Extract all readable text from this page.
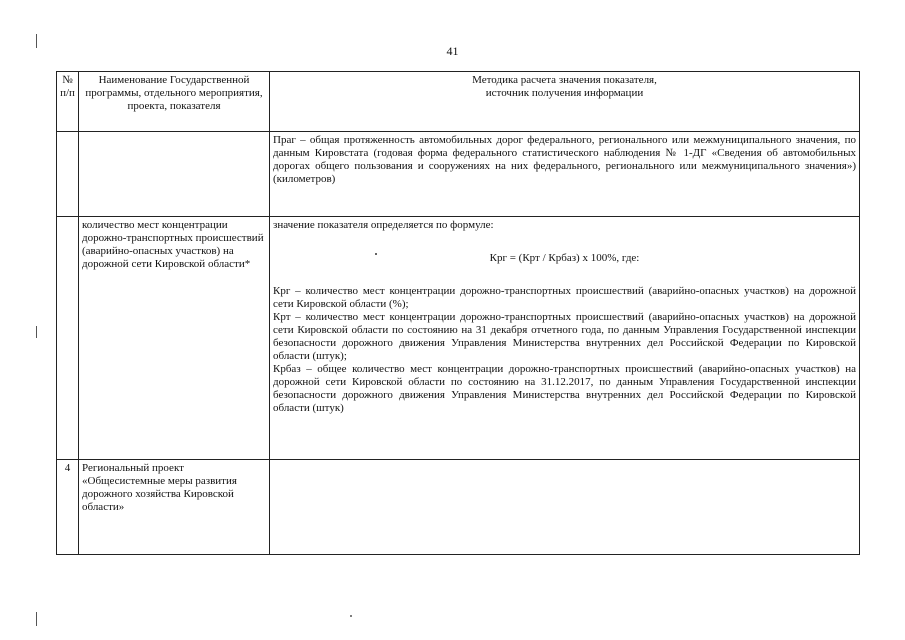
41
№
п/п	Наименование Государственной программы, отдельного мероприятия, проекта, показателя	Методика расчета значения показателя,
источник получения информации

		Праг – общая протяженность автомобильных дорог федерального, регионального или межмуниципального значения, по данным Кировстата (годовая форма федерального статистического наблюдения № 1-ДГ «Сведения об автомобильных дорогах общего пользования и сооружениях на них федерального, регионального или межмуниципального значения») (километров)

	количество мест концентрации дорожно-транспортных происшествий (аварийно-опасных участков) на дорожной сети Кировской области*	значение показателя определяется по формуле:

Крг = (Крт / Крбаз) х 100%, где:

Крг – количество мест концентрации дорожно-транспортных происшествий (аварийно-опасных участков) на дорожной сети Кировской области (%);

Крт – количество мест концентрации дорожно-транспортных происшествий (аварийно-опасных участков) на дорожной сети Кировской области по состоянию на 31 декабря отчетного года, по данным Управления Государственной инспекции безопасности дорожного движения Управления Министерства внутренних дел Российской Федерации по Кировской области (штук);

Крбаз – общее количество мест концентрации дорожно-транспортных происшествий (аварийно-опасных участков) на дорожной сети Кировской области по состоянию на 31.12.2017, по данным Управления Государственной инспекции безопасности дорожного движения Управления Министерства внутренних дел Российской Федерации по Кировской области (штук)

4	Региональный проект «Общесистемные меры развития дорожного хозяйства Кировской области»	
